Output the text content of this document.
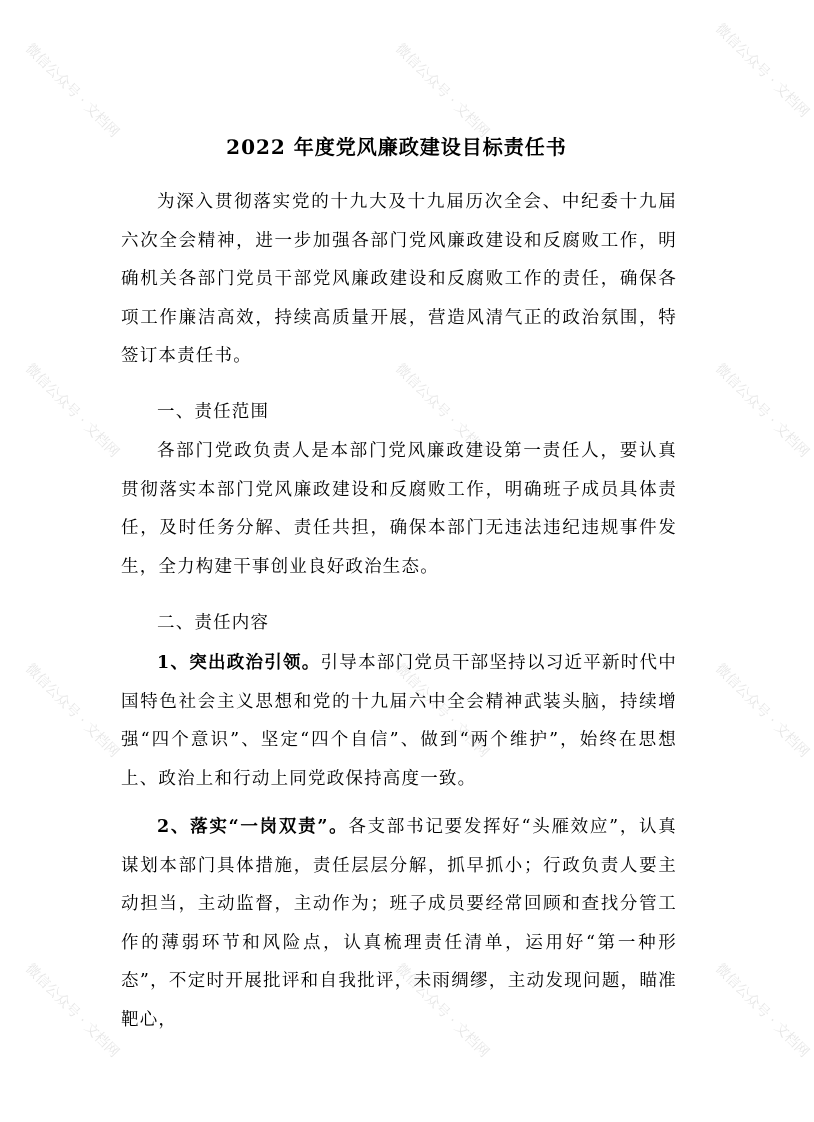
微信公众号 · 文档网	微信公众号 · 文档网	微信公众号 · 文档网
微信公众号 · 文档网	微信公众号 · 文档网	微信公众号 · 文档网
微信公众号 · 文档网	微信公众号 · 文档网	微信公众号 · 文档网
微信公众号 · 文档网	微信公众号 · 文档网	微信公众号 · 文档网
2022 年度党风廉政建设目标责任书

为深入贯彻落实党的十九大及十九届历次全会、中纪委十九届六次全会精神，进一步加强各部门党风廉政建设和反腐败工作，明确机关各部门党员干部党风廉政建设和反腐败工作的责任，确保各项工作廉洁高效，持续高质量开展，营造风清气正的政治氛围，特签订本责任书。

一、责任范围

各部门党政负责人是本部门党风廉政建设第一责任人，要认真贯彻落实本部门党风廉政建设和反腐败工作，明确班子成员具体责任，及时任务分解、责任共担，确保本部门无违法违纪违规事件发生，全力构建干事创业良好政治生态。

二、责任内容

1、突出政治引领。引导本部门党员干部坚持以习近平新时代中国特色社会主义思想和党的十九届六中全会精神武装头脑，持续增强“四个意识”、坚定“四个自信”、做到“两个维护”，始终在思想上、政治上和行动上同党政保持高度一致。

2、落实“一岗双责”。各支部书记要发挥好“头雁效应”，认真谋划本部门具体措施，责任层层分解，抓早抓小；行政负责人要主动担当，主动监督，主动作为；班子成员要经常回顾和查找分管工作的薄弱环节和风险点，认真梳理责任清单，运用好“第一种形态”，不定时开展批评和自我批评，未雨绸缪，主动发现问题，瞄准靶心，
